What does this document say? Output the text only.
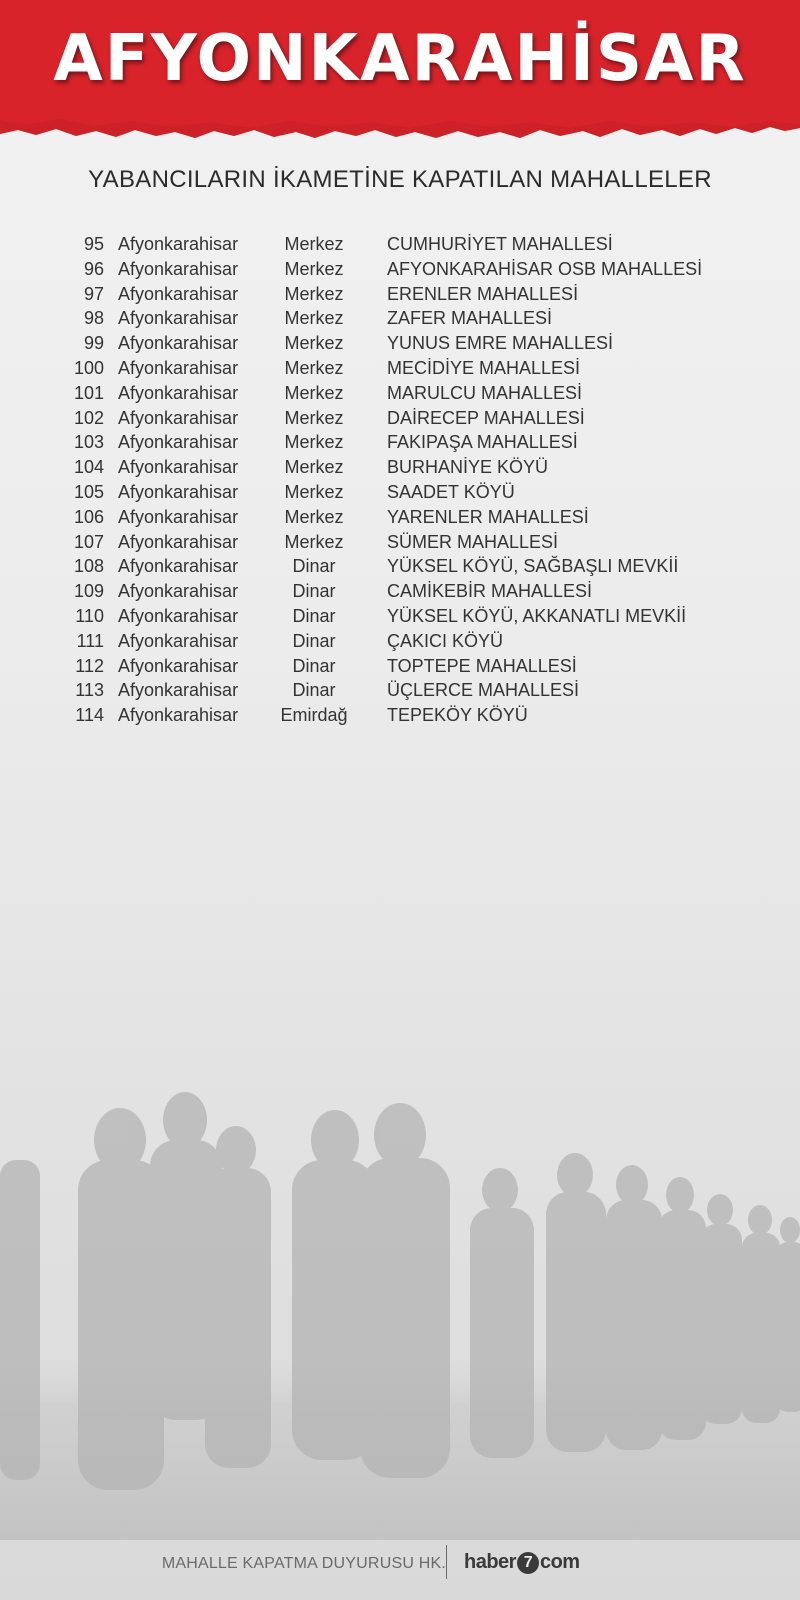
AFYONKARAHİSAR
YABANCILARIN İKAMETİNE KAPATILAN MAHALLELER
95 Afyonkarahisar	Merkez	CUMHURİYET MAHALLESİ
96 Afyonkarahisar	Merkez	AFYONKARAHİSAR OSB MAHALLESİ
97 Afyonkarahisar	Merkez	ERENLER MAHALLESİ
98 Afyonkarahisar	Merkez	ZAFER MAHALLESİ
99 Afyonkarahisar	Merkez	YUNUS EMRE MAHALLESİ
100 Afyonkarahisar	Merkez	MECİDİYE MAHALLESİ
101 Afyonkarahisar	Merkez	MARULCU MAHALLESİ
102 Afyonkarahisar	Merkez	DAİRECEP MAHALLESİ
103 Afyonkarahisar	Merkez	FAKIPAŞA MAHALLESİ
104 Afyonkarahisar	Merkez	BURHANİYE KÖYÜ
105 Afyonkarahisar	Merkez	SAADET KÖYÜ
106 Afyonkarahisar	Merkez	YARENLER MAHALLESİ
107 Afyonkarahisar	Merkez	SÜMER MAHALLESİ
108 Afyonkarahisar	Dinar	YÜKSEL KÖYÜ, SAĞBAŞLI MEVKİİ
109 Afyonkarahisar	Dinar	CAMİKEBİR MAHALLESİ
110 Afyonkarahisar	Dinar	YÜKSEL KÖYÜ, AKKANATLI MEVKİİ
111 Afyonkarahisar	Dinar	ÇAKICI KÖYÜ
112 Afyonkarahisar	Dinar	TOPTEPE MAHALLESİ
113 Afyonkarahisar	Dinar	ÜÇLERCE MAHALLESİ
114 Afyonkarahisar	Emirdağ	TEPEKÖY KÖYÜ
MAHALLE KAPATMA DUYURUSU HK. haber 7 com
